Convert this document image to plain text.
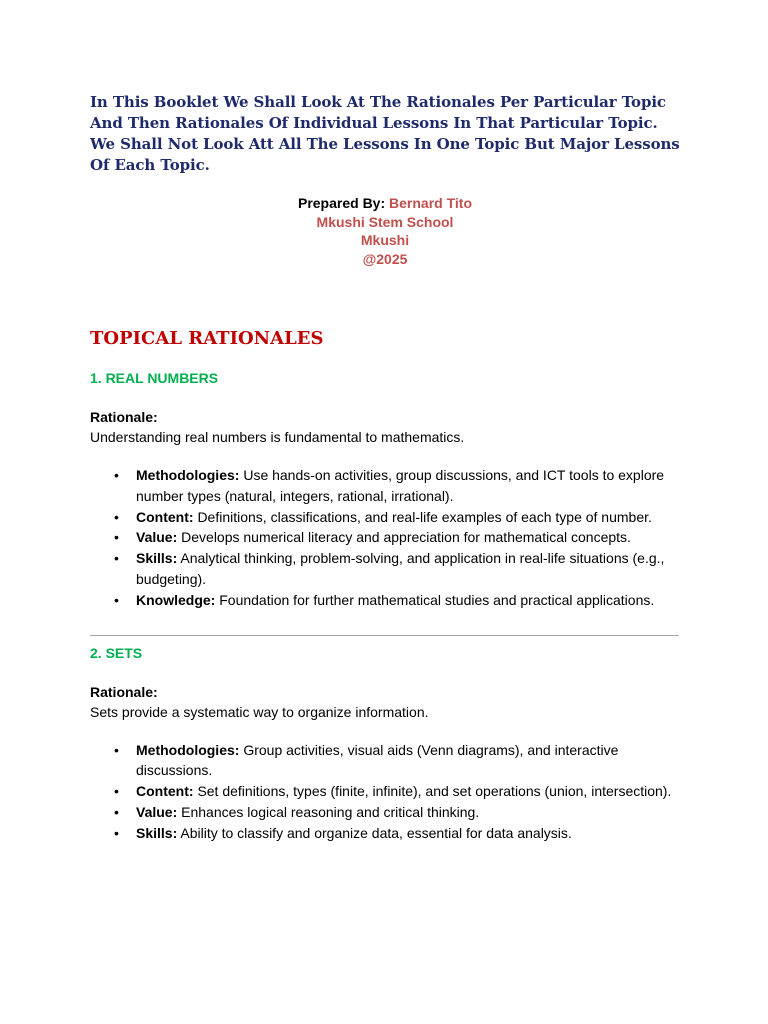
In This Booklet We Shall Look At The Rationales Per Particular Topic And Then Rationales Of Individual Lessons In That Particular Topic. We Shall Not Look Att All The Lessons In One Topic But Major Lessons Of Each Topic.

Prepared By: Bernard Tito
Mkushi Stem School
Mkushi
@2025
TOPICAL RATIONALES

1. REAL NUMBERS

Rationale:

Understanding real numbers is fundamental to mathematics.

• Methodologies: Use hands-on activities, group discussions, and ICT tools to explore number types (natural, integers, rational, irrational).
• Content: Definitions, classifications, and real-life examples of each type of number.
• Value: Develops numerical literacy and appreciation for mathematical concepts.
• Skills: Analytical thinking, problem-solving, and application in real-life situations (e.g., budgeting).
• Knowledge: Foundation for further mathematical studies and practical applications.

2. SETS

Rationale:

Sets provide a systematic way to organize information.

• Methodologies: Group activities, visual aids (Venn diagrams), and interactive discussions.
• Content: Set definitions, types (finite, infinite), and set operations (union, intersection).
• Value: Enhances logical reasoning and critical thinking.
• Skills: Ability to classify and organize data, essential for data analysis.
